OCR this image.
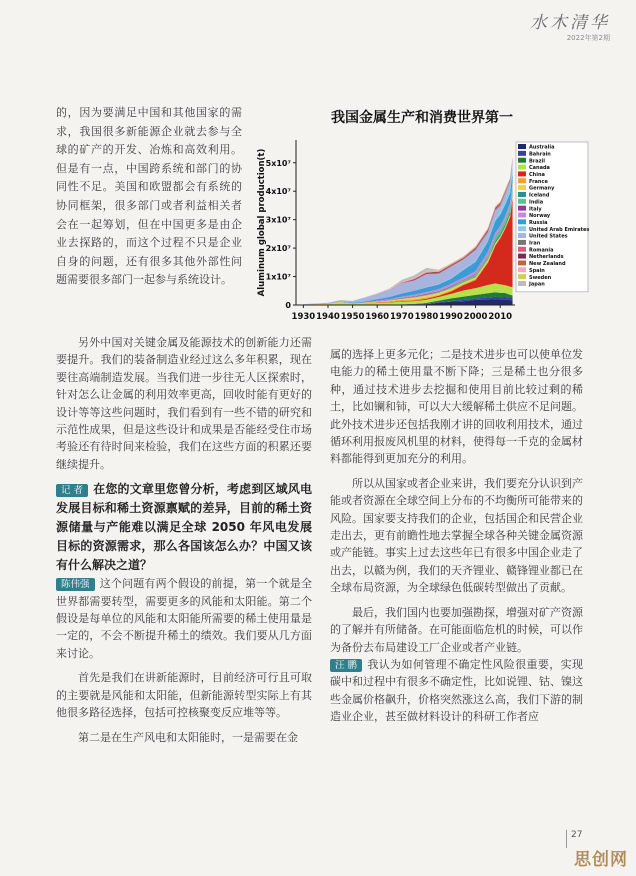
水木清华
2022年第2期

的，因为要满足中国和其他国家的需求，我国很多新能源企业就去参与全球的矿产的开发、冶炼和高效利用。但是有一点，中国跨系统和部门的协同性不足。美国和欧盟都会有系统的协同框架，很多部门或者利益相关者会在一起筹划，但在中国更多是由企业去探路的，而这个过程不只是企业自身的问题，还有很多其他外部性问题需要很多部门一起参与系统设计。

我国金属生产和消费世界第一
Aluminum global production(t)
0
1x10⁷
2x10⁷
3x10⁷
4x10⁷
5x10⁷
1930 1940 1950 1960 1970 1980 1990 2000 2010
Australia
Bahrain
Brazil
Canada
China
France
Germany
Iceland
India
Italy
Norway
Russia
United Arab Emirates
United States
Iran
Romania
Netherlands
New Zealand
Spain
Sweden
Japan

另外中国对关键金属及能源技术的创新能力还需要提升。我们的装备制造业经过这么多年积累，现在要往高端制造发展。当我们进一步往无人区探索时，针对怎么让金属的利用效率更高，回收时能有更好的设计等等这些问题时，我们看到有一些不错的研究和示范性成果，但是这些设计和成果是否能经受住市场考验还有待时间来检验，我们在这些方面的积累还要继续提升。

记 者 在您的文章里您曾分析，考虑到区域风电发展目标和稀土资源禀赋的差异，目前的稀土资源储量与产能难以满足全球 2050 年风电发展目标的资源需求，那么各国该怎么办？中国又该有什么解决之道？

陈伟强 这个问题有两个假设的前提，第一个就是全世界都需要转型，需要更多的风能和太阳能。第二个假设是每单位的风能和太阳能所需要的稀土使用量是一定的，不会不断提升稀土的绩效。我们要从几方面来讨论。

首先是我们在讲新能源时，目前经济可行且可取的主要就是风能和太阳能，但新能源转型实际上有其他很多路径选择，包括可控核聚变反应堆等等。

第二是在生产风电和太阳能时，一是需要在金

属的选择上更多元化；二是技术进步也可以使单位发电能力的稀土使用量不断下降；三是稀土也分很多种，通过技术进步去挖掘和使用目前比较过剩的稀土，比如镧和铈，可以大大缓解稀土供应不足问题。此外技术进步还包括我刚才讲的回收利用技术，通过循环利用报废风机里的材料，使得每一千克的金属材料都能得到更加充分的利用。

所以从国家或者企业来讲，我们要充分认识到产能或者资源在全球空间上分布的不均衡所可能带来的风险。国家要支持我们的企业，包括国企和民营企业走出去，更有前瞻性地去掌握全球各种关键金属资源或产能链。事实上过去这些年已有很多中国企业走了出去，以赣为例，我们的天齐锂业、赣锋锂业都已在全球布局资源，为全球绿色低碳转型做出了贡献。

最后，我们国内也要加强勘探，增强对矿产资源的了解并有所储备。在可能面临危机的时候，可以作为备份去布局建设工厂企业或者产业链。

汪 鹏 我认为如何管理不确定性风险很重要，实现碳中和过程中有很多不确定性，比如说锂、钴、镍这些金属价格飙升，价格突然涨这么高，我们下游的制造业企业，甚至做材料设计的科研工作者应

27
思创网
